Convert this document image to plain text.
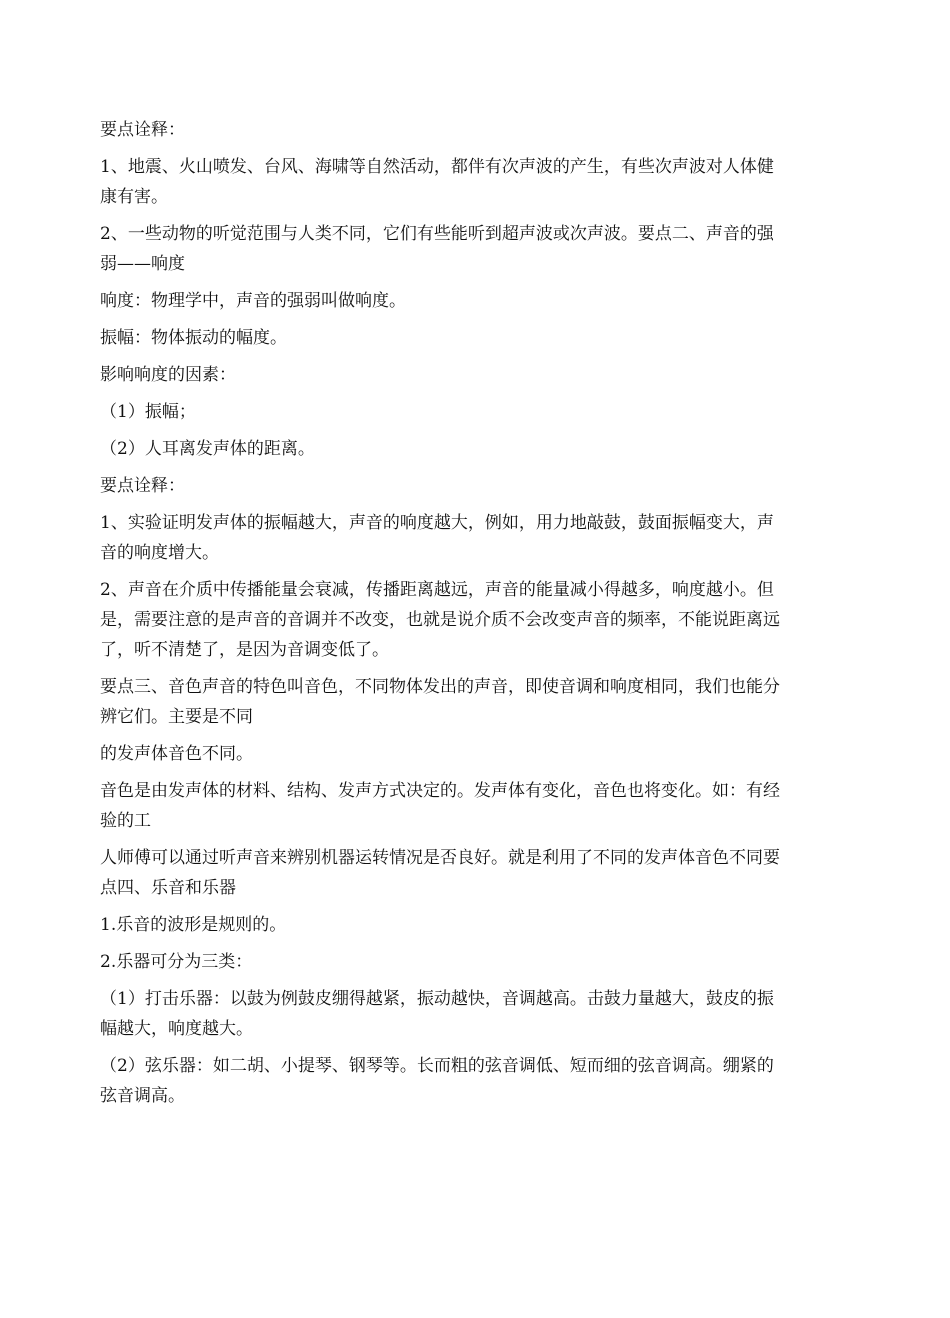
要点诠释：
1、地震、火山喷发、台风、海啸等自然活动，都伴有次声波的产生，有些次声波对人体健
康有害。
2、一些动物的听觉范围与人类不同，它们有些能听到超声波或次声波。要点二、声音的强
弱——响度
响度：物理学中，声音的强弱叫做响度。
振幅：物体振动的幅度。
影响响度的因素：
（1）振幅；
（2）人耳离发声体的距离。
要点诠释：
1、实验证明发声体的振幅越大，声音的响度越大，例如，用力地敲鼓，鼓面振幅变大，声
音的响度增大。
2、声音在介质中传播能量会衰减，传播距离越远，声音的能量减小得越多，响度越小。但
是，需要注意的是声音的音调并不改变，也就是说介质不会改变声音的频率，不能说距离远
了，听不清楚了，是因为音调变低了。
要点三、音色声音的特色叫音色，不同物体发出的声音，即使音调和响度相同，我们也能分
辨它们。主要是不同
的发声体音色不同。
音色是由发声体的材料、结构、发声方式决定的。发声体有变化，音色也将变化。如：有经
验的工
人师傅可以通过听声音来辨别机器运转情况是否良好。就是利用了不同的发声体音色不同要
点四、乐音和乐器
1.乐音的波形是规则的。
2.乐器可分为三类：
（1）打击乐器：以鼓为例鼓皮绷得越紧，振动越快，音调越高。击鼓力量越大，鼓皮的振
幅越大，响度越大。
（2）弦乐器：如二胡、小提琴、钢琴等。长而粗的弦音调低、短而细的弦音调高。绷紧的
弦音调高。
